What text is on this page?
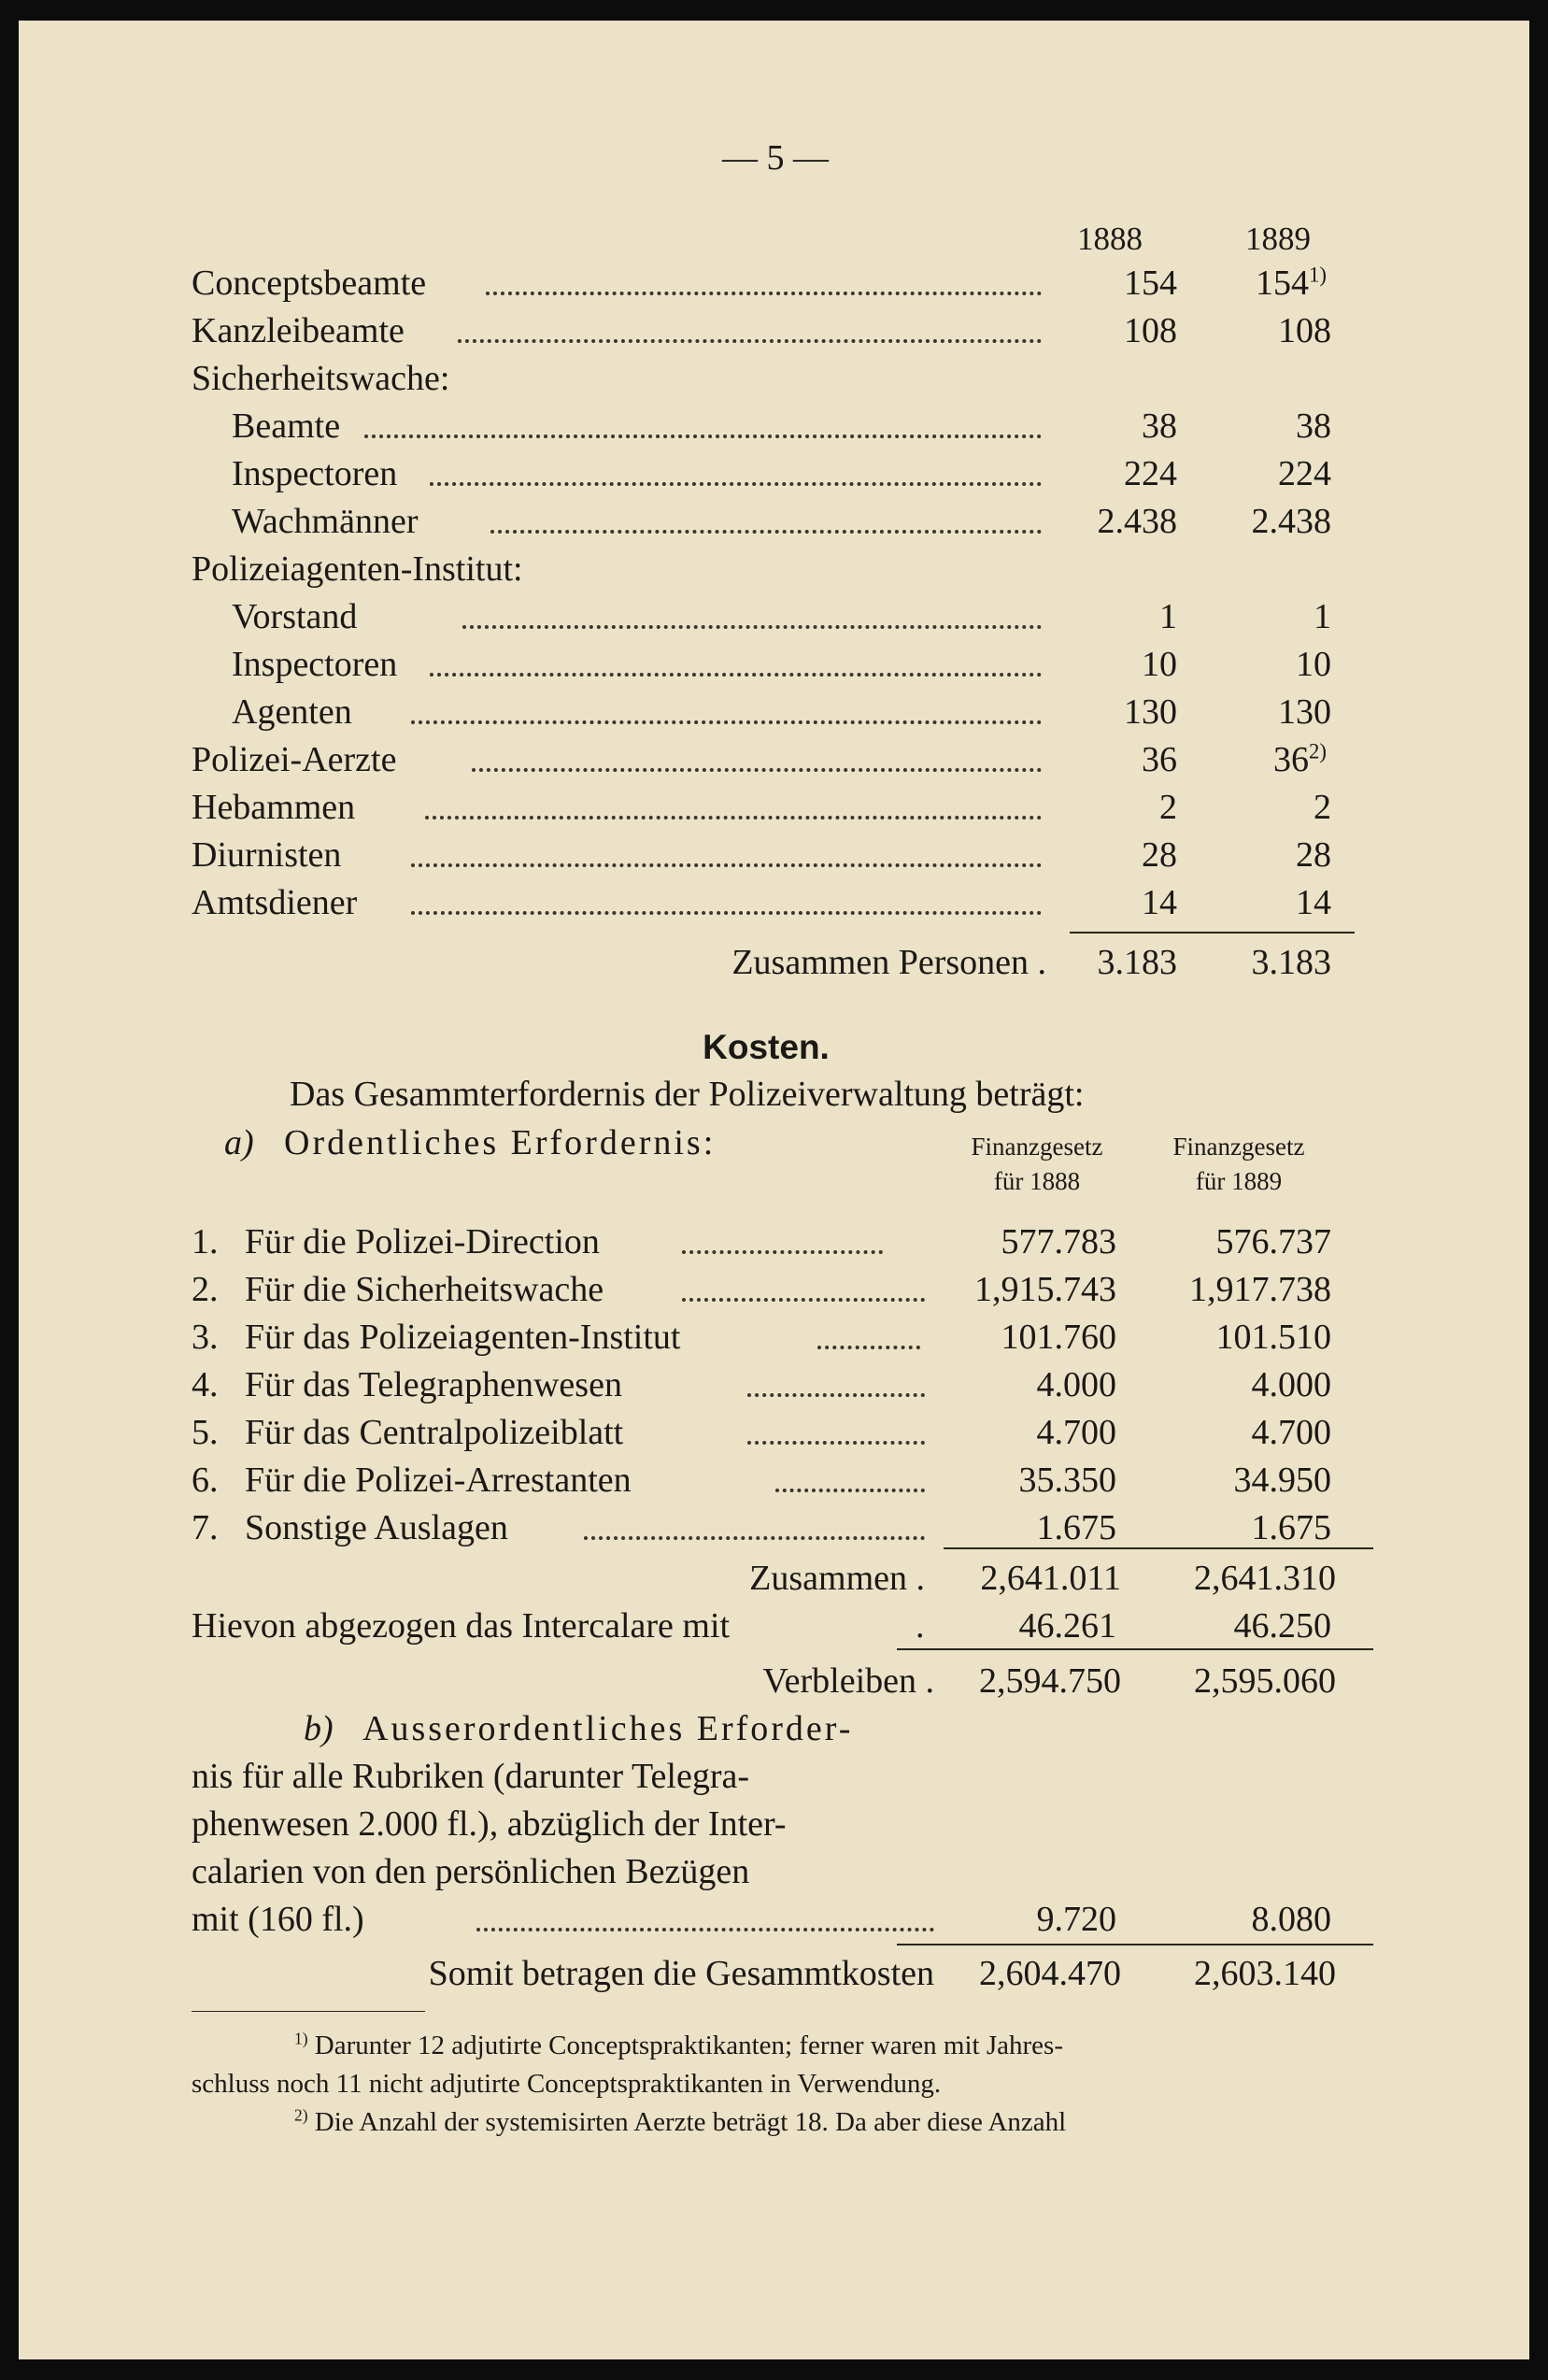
— 5 —
1888	1889
Conceptsbeamte	154	154$^{1)}$
Kanzleibeamte	108	108
Sicherheitswache:
Beamte	38	38
Inspectoren	224	224
Wachmänner	2.438	2.438
Polizeiagenten-Institut:
Vorstand	1	1
Inspectoren	10	10
Agenten	130	130
Polizei-Aerzte	36	36$^{2)}$
Hebammen	2	2
Diurnisten	28	28
Amtsdiener	14	14
Zusammen Personen .	3.183	3.183
Kosten.
Das Gesammterfordernis der Polizeiverwaltung beträgt:
a) Ordentliches Erfordernis:	Finanzgesetz
für 1888
Finanzgesetz
für 1889
1. Für die Polizei-Direction	577.783	576.737
2. Für die Sicherheitswache	1,915.743	1,917.738
3. Für das Polizeiagenten-Institut	101.760	101.510
4. Für das Telegraphenwesen	4.000	4.000
5. Für das Centralpolizeiblatt	4.700	4.700
6. Für die Polizei-Arrestanten	35.350	34.950
7. Sonstige Auslagen	1.675	1.675
Zusammen .	2,641.011	2,641.310
Hievon abgezogen das Intercalare mit	.	46.261	46.250
Verbleiben .	2,594.750	2,595.060
b) Ausserordentliches Erforder-
nis für alle Rubriken (darunter Telegra-
phenwesen 2.000 fl.), abzüglich der Inter-
calarien von den persönlichen Bezügen
mit (160 fl.)	9.720	8.080
Somit betragen die Gesammtkosten	2,604.470	2,603.140
$^{1)}$ Darunter 12 adjutirte Conceptspraktikanten; ferner waren mit Jahres-
schluss noch 11 nicht adjutirte Conceptspraktikanten in Verwendung.
$^{2)}$ Die Anzahl der systemisirten Aerzte beträgt 18. Da aber diese Anzahl
